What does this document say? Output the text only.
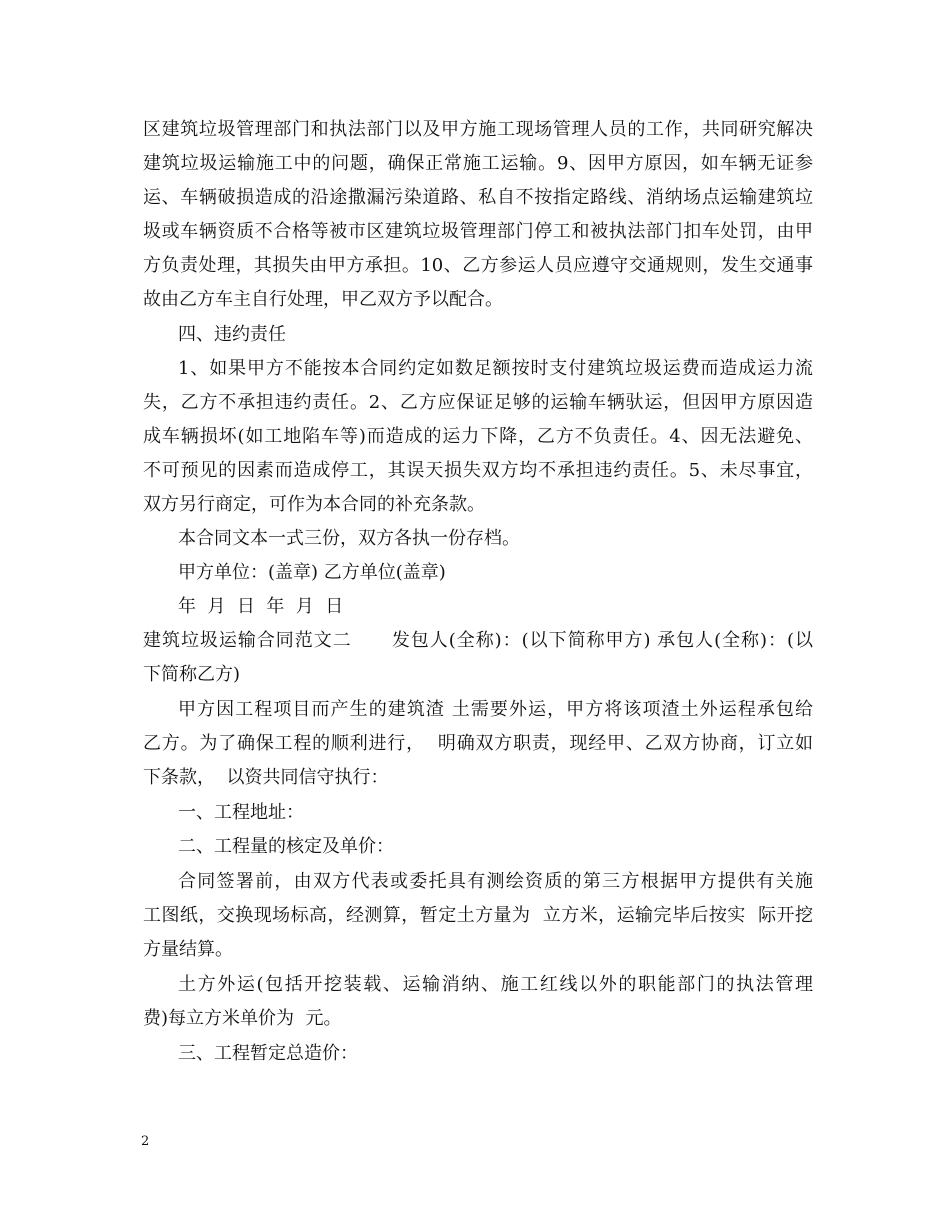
区建筑垃圾管理部门和执法部门以及甲方施工现场管理人员的工作，共同研究解决
建筑垃圾运输施工中的问题，确保正常施工运输。9、因甲方原因，如车辆无证参
运、车辆破损造成的沿途撒漏污染道路、私自不按指定路线、消纳场点运输建筑垃
圾或车辆资质不合格等被市区建筑垃圾管理部门停工和被执法部门扣车处罚，由甲
方负责处理，其损失由甲方承担。10、乙方参运人员应遵守交通规则，发生交通事
故由乙方车主自行处理，甲乙双方予以配合。
四、违约责任
1、如果甲方不能按本合同约定如数足额按时支付建筑垃圾运费而造成运力流
失，乙方不承担违约责任。2、乙方应保证足够的运输车辆驮运，但因甲方原因造
成车辆损坏(如工地陷车等)而造成的运力下降，乙方不负责任。4、因无法避免、
不可预见的因素而造成停工，其误天损失双方均不承担违约责任。5、未尽事宜，
双方另行商定，可作为本合同的补充条款。
本合同文本一式三份，双方各执一份存档。
甲方单位：(盖章) 乙方单位(盖章)
年  月  日  年  月  日
建筑垃圾运输合同范文二      发包人(全称)：(以下简称甲方) 承包人(全称)：(以
下简称乙方)
甲方因工程项目而产生的建筑渣 土需要外运，甲方将该项渣土外运程承包给
乙方。为了确保工程的顺利进行，  明确双方职责，现经甲、乙双方协商，订立如
下条款，  以资共同信守执行：
一、工程地址：
二、工程量的核定及单价：
合同签署前，由双方代表或委托具有测绘资质的第三方根据甲方提供有关施
工图纸，交换现场标高，经测算，暂定土方量为  立方米，运输完毕后按实  际开挖
方量结算。
土方外运(包括开挖装载、运输消纳、施工红线以外的职能部门的执法管理
费)每立方米单价为  元。
三、工程暂定总造价：
2
